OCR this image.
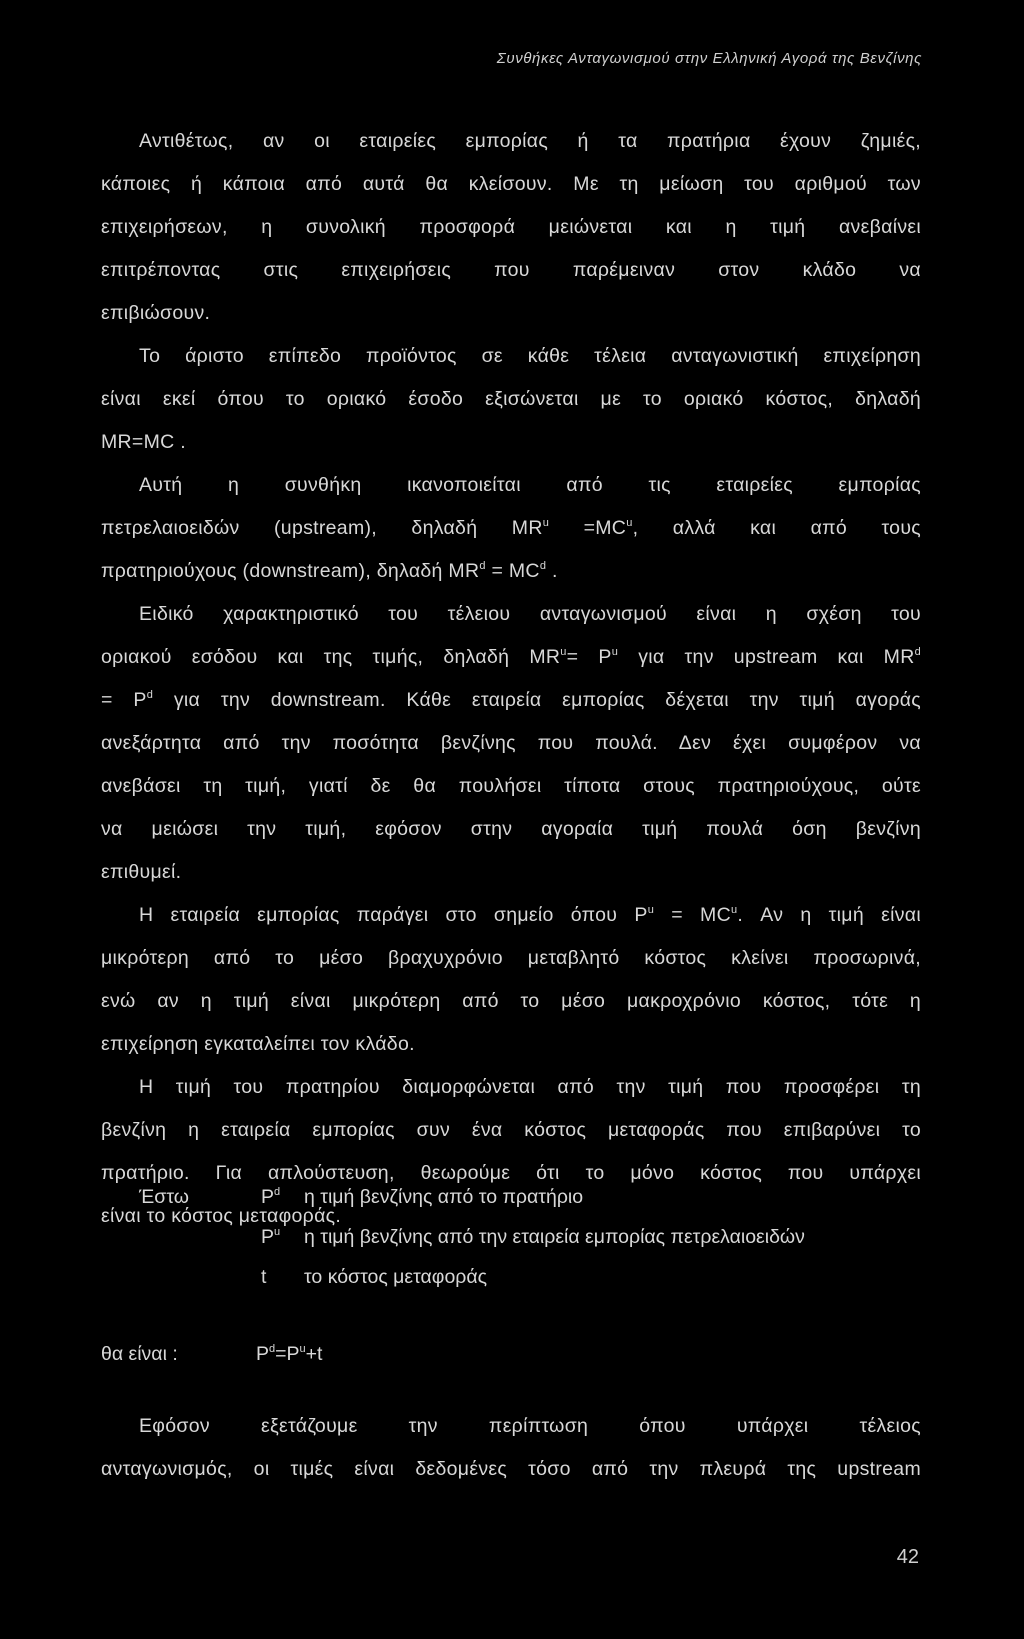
Συνθήκες Ανταγωνισμού στην Ελληνική Αγορά της Βενζίνης
Αντιθέτως, αν οι εταιρείες εμπορίας ή τα πρατήρια έχουν ζημιές,
κάποιες ή κάποια από αυτά θα κλείσουν. Με τη μείωση του αριθμού των
επιχειρήσεων, η συνολική προσφορά μειώνεται και η τιμή ανεβαίνει
επιτρέποντας στις επιχειρήσεις που παρέμειναν στον κλάδο να
επιβιώσουν.
Το άριστο επίπεδο προϊόντος σε κάθε τέλεια ανταγωνιστική επιχείρηση
είναι εκεί όπου το οριακό έσοδο εξισώνεται με το οριακό κόστος, δηλαδή
MR=MC .
Αυτή η συνθήκη ικανοποιείται από τις εταιρείες εμπορίας
πετρελαιοειδών (upstream), δηλαδή $MR^u =MC^u$, αλλά και από τους
πρατηριούχους (downstream), δηλαδή $MR^d = MC^d$ .
Ειδικό χαρακτηριστικό του τέλειου ανταγωνισμού είναι η σχέση του
οριακού εσόδου και της τιμής, δηλαδή $MR^u= P^u$ για την upstream και $MR^d$
= $P^d$ για την downstream. Κάθε εταιρεία εμπορίας δέχεται την τιμή αγοράς
ανεξάρτητα από την ποσότητα βενζίνης που πουλά. Δεν έχει συμφέρον να
ανεβάσει τη τιμή, γιατί δε θα πουλήσει τίποτα στους πρατηριούχους, ούτε
να μειώσει την τιμή, εφόσον στην αγοραία τιμή πουλά όση βενζίνη
επιθυμεί.
Η εταιρεία εμπορίας παράγει στο σημείο όπου $P^u = MC^u$. Αν η τιμή είναι
μικρότερη από το μέσο βραχυχρόνιο μεταβλητό κόστος κλείνει προσωρινά,
ενώ αν η τιμή είναι μικρότερη από το μέσο μακροχρόνιο κόστος, τότε η
επιχείρηση εγκαταλείπει τον κλάδο.
Η τιμή του πρατηρίου διαμορφώνεται από την τιμή που προσφέρει τη
βενζίνη η εταιρεία εμπορίας συν ένα κόστος μεταφοράς που επιβαρύνει το
πρατήριο. Για απλούστευση, θεωρούμε ότι το μόνο κόστος που υπάρχει
είναι το κόστος μεταφοράς.
Έστω	$P^d$ η τιμή βενζίνης από το πρατήριο
$P^u$ η τιμή βενζίνης από την εταιρεία εμπορίας πετρελαιοειδών
t το κόστος μεταφοράς
θα είναι :	$P^d=P^u+t$
Εφόσον εξετάζουμε την περίπτωση όπου υπάρχει τέλειος
ανταγωνισμός, οι τιμές είναι δεδομένες τόσο από την πλευρά της upstream
42
